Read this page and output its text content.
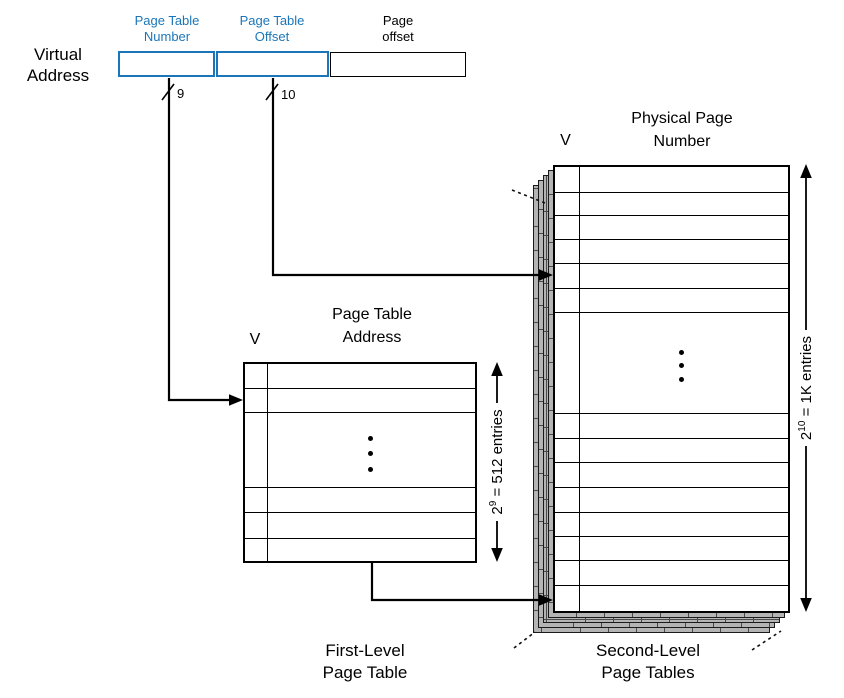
Virtual
Address
Page Table
Number
Page Table
Offset
Page
offset
9	10
V
Physical Page
Number
V
Page Table
Address
First-Level
Page Table
Second-Level
Page Tables
$2^9 = 512$ entries	$2^{10} = 1K$ entries
